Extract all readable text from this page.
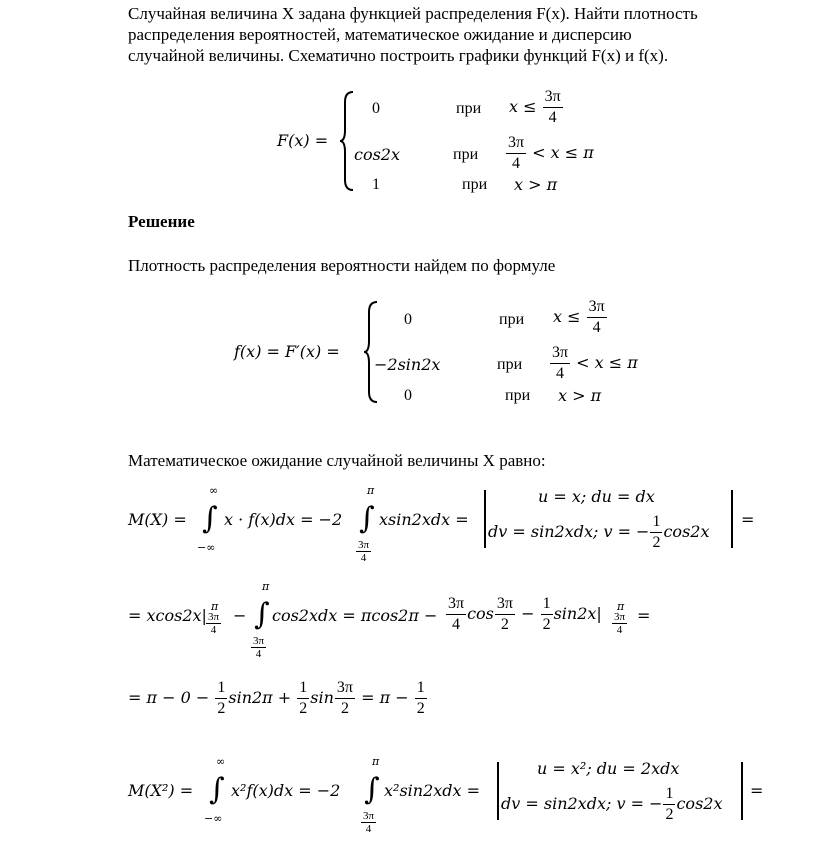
Случайная величина X задана функцией распределения F(x). Найти плотность
распределения вероятностей, математическое ожидание и дисперсию
случайной величины. Схематично построить графики функций F(x) и f(x).
F(x) =
0	при $x \le \frac{3\pi}{4}$
cos2x	при $\frac{3\pi}{4} < x \le \pi$
1	при x > π
Решение
Плотность распределения вероятности найдем по формуле
f(x) = F′(x) =
0	при $x \le \frac{3\pi}{4}$
−2sin2x	при $\frac{3\pi}{4} < x \le \pi$
0	при x > π
Математическое ожидание случайной величины X равно:
M(X) =
∞
∫
−∞
x · f(x)dx = −2
π
∫
$\frac{3\pi}{4}$
xsin2xdx =
u = x; du = dx
dv = sin2xdx; v = − $\frac{1}{2} \cos 2x$
=
= xcos2x| π
$\frac{3\pi}{4}$ −
π
∫
$\frac{3\pi}{4}$
$\cos 2xdx = \pi\cos 2\pi - \frac{3\pi}{4}$ $\cos \frac{3\pi}{2} - \frac{1}{2} \sin 2x|$ π
$\frac{3\pi}{4}$ =
= $\pi - 0 - \frac{1}{2} \sin 2\pi + \frac{1}{2}$ $\sin \frac{3\pi}{2} = \pi - \frac{1}{2}$
M(X²) =
∞
∫
−∞
x²f(x)dx = −2
π
∫
$\frac{3\pi}{4}$
x²sin2xdx =
u = x²; du = 2xdx
dv = sin2xdx; v = − $\frac{1}{2} \cos 2x$
=
